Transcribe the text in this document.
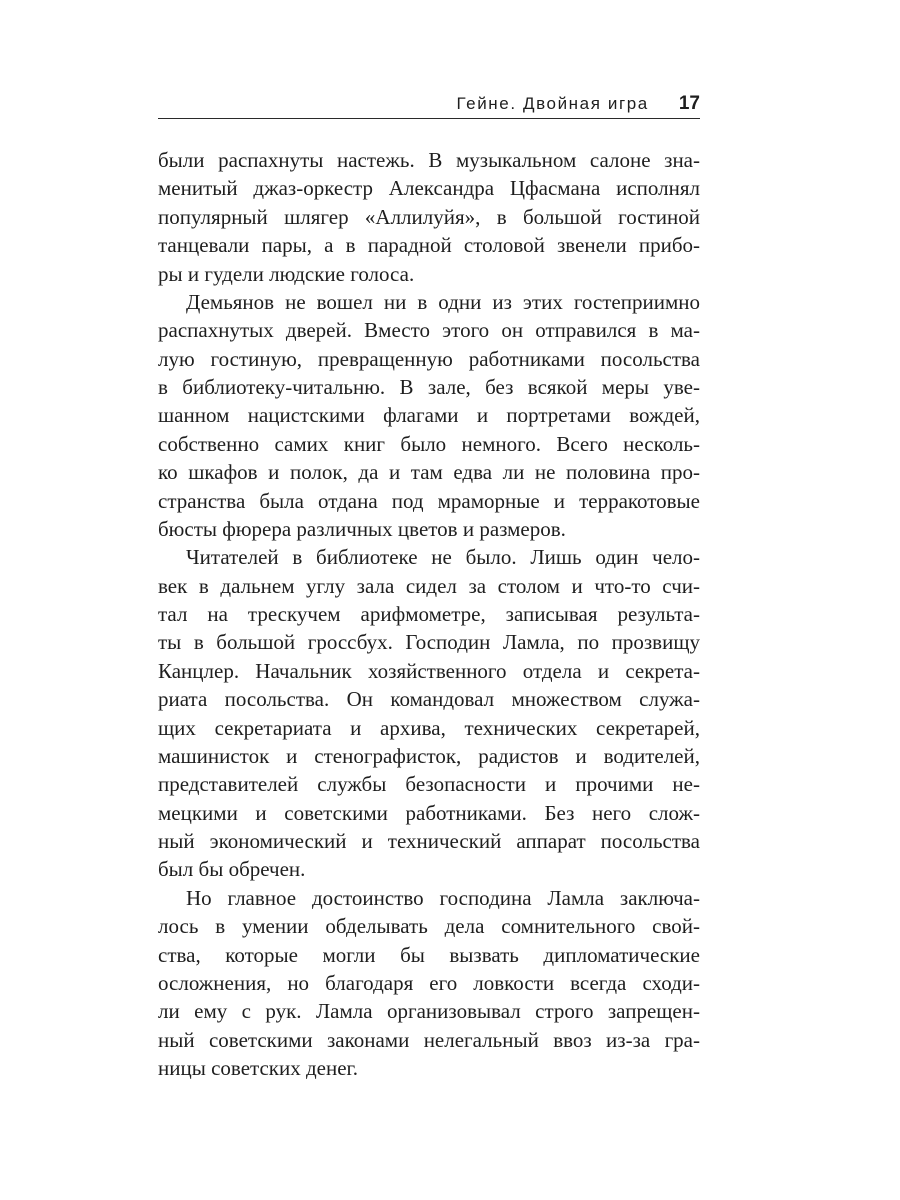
Гейне. Двойная игра 17
были распахнуты настежь. В музыкальном салоне зна-
менитый джаз-оркестр Александра Цфасмана исполнял
популярный шлягер «Аллилуйя», в большой гостиной
танцевали пары, а в парадной столовой звенели прибо-
ры и гудели людские голоса.
Демьянов не вошел ни в одни из этих гостеприимно
распахнутых дверей. Вместо этого он отправился в ма-
лую гостиную, превращенную работниками посольства
в библиотеку-читальню. В зале, без всякой меры уве-
шанном нацистскими флагами и портретами вождей,
собственно самих книг было немного. Всего несколь-
ко шкафов и полок, да и там едва ли не половина про-
странства была отдана под мраморные и терракотовые
бюсты фюрера различных цветов и размеров.
Читателей в библиотеке не было. Лишь один чело-
век в дальнем углу зала сидел за столом и что-то счи-
тал на трескучем арифмометре, записывая результа-
ты в большой гроссбух. Господин Ламла, по прозвищу
Канцлер. Начальник хозяйственного отдела и секрета-
риата посольства. Он командовал множеством служа-
щих секретариата и архива, технических секретарей,
машинисток и стенографисток, радистов и водителей,
представителей службы безопасности и прочими не-
мецкими и советскими работниками. Без него слож-
ный экономический и технический аппарат посольства
был бы обречен.
Но главное достоинство господина Ламла заключа-
лось в умении обделывать дела сомнительного свой-
ства, которые могли бы вызвать дипломатические
осложнения, но благодаря его ловкости всегда сходи-
ли ему с рук. Ламла организовывал строго запрещен-
ный советскими законами нелегальный ввоз из-за гра-
ницы советских денег.
